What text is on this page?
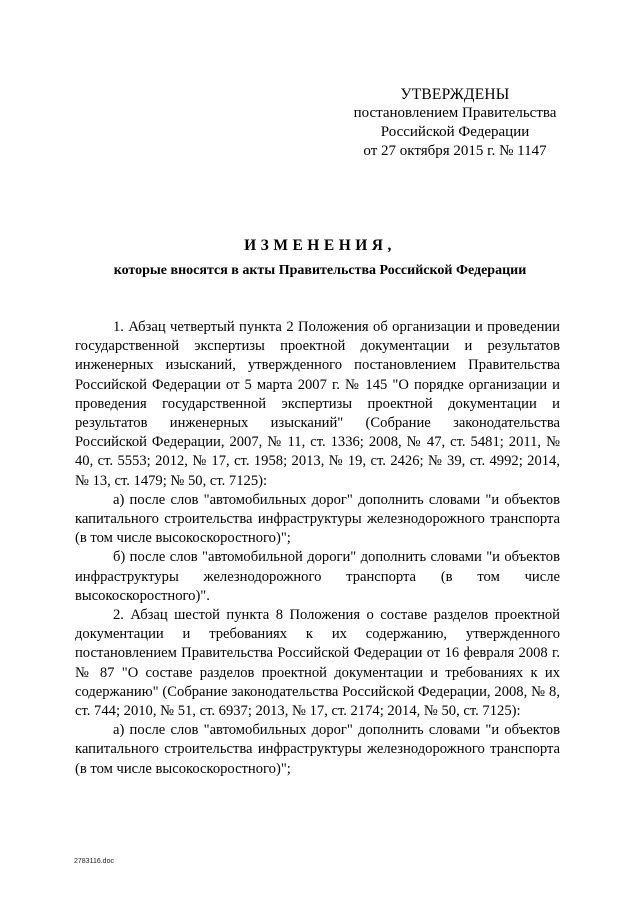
УТВЕРЖДЕНЫ
постановлением Правительства
Российской Федерации
от 27 октября 2015 г. № 1147
ИЗМЕНЕНИЯ,
которые вносятся в акты Правительства Российской Федерации

1. Абзац четвертый пункта 2 Положения об организации и проведении государственной экспертизы проектной документации и результатов инженерных изысканий, утвержденного постановлением Правительства Российской Федерации от 5 марта 2007 г. № 145 "О порядке организации и проведения государственной экспертизы проектной документации и результатов инженерных изысканий" (Собрание законодательства Российской Федерации, 2007, № 11, ст. 1336; 2008, № 47, ст. 5481; 2011, № 40, ст. 5553; 2012, № 17, ст. 1958; 2013, № 19, ст. 2426; № 39, ст. 4992; 2014, № 13, ст. 1479; № 50, ст. 7125):

а) после слов "автомобильных дорог" дополнить словами "и объектов капитального строительства инфраструктуры железнодорожного транспорта (в том числе высокоскоростного)";

б) после слов "автомобильной дороги" дополнить словами "и объектов инфраструктуры железнодорожного транспорта (в том числе высокоскоростного)".

2. Абзац шестой пункта 8 Положения о составе разделов проектной документации и требованиях к их содержанию, утвержденного постановлением Правительства Российской Федерации от 16 февраля 2008 г. № 87 "О составе разделов проектной документации и требованиях к их содержанию" (Собрание законодательства Российской Федерации, 2008, № 8, ст. 744; 2010, № 51, ст. 6937; 2013, № 17, ст. 2174; 2014, № 50, ст. 7125):

а) после слов "автомобильных дорог" дополнить словами "и объектов капитального строительства инфраструктуры железнодорожного транспорта (в том числе высокоскоростного)";

2783116.doc
